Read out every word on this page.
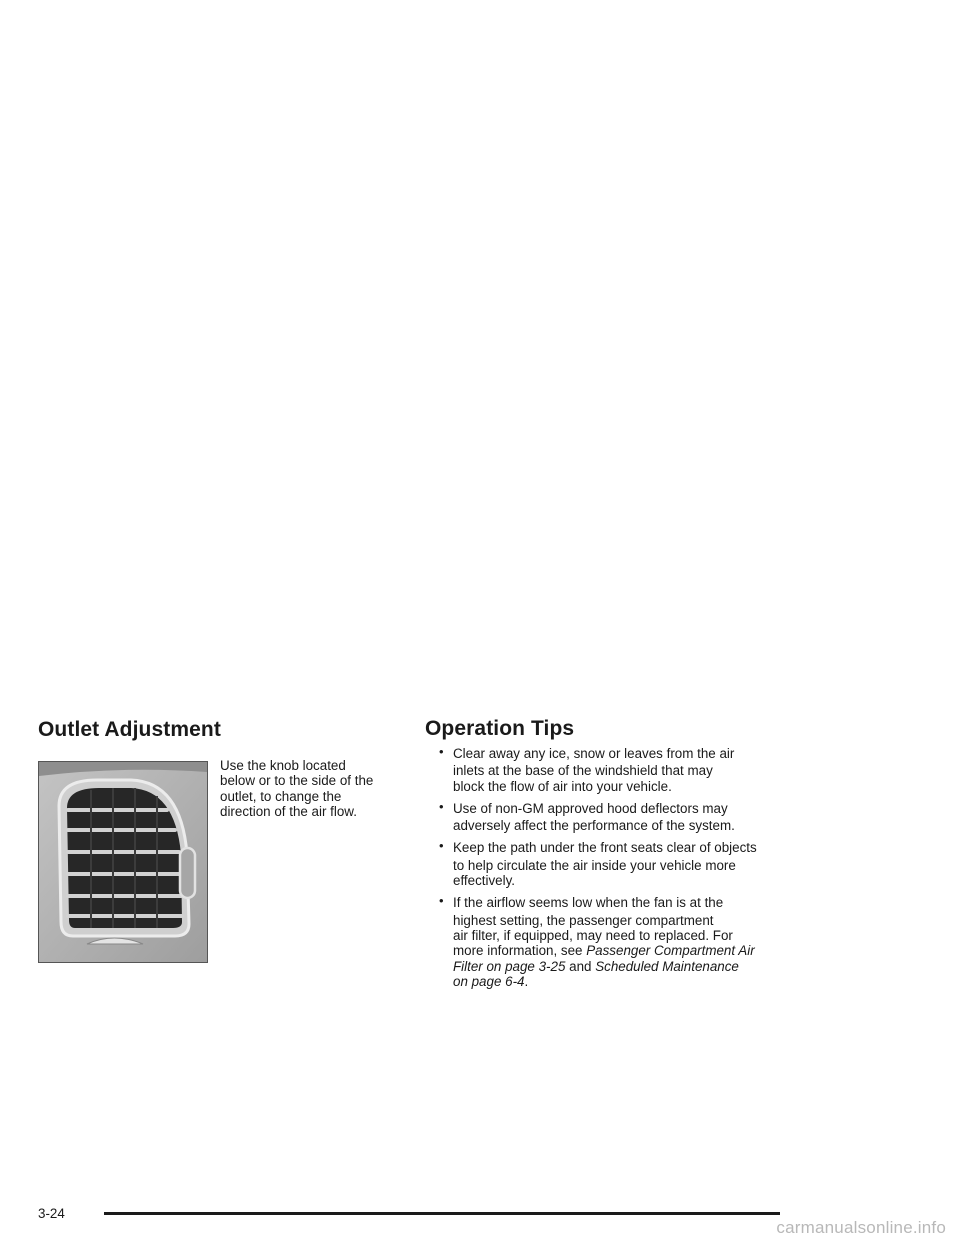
Outlet Adjustment

Use the knob located
below or to the side of the
outlet, to change the
direction of the air flow.

Operation Tips
• Clear away any ice, snow or leaves from the air
inlets at the base of the windshield that may
block the flow of air into your vehicle.
• Use of non-GM approved hood deflectors may
adversely affect the performance of the system.
• Keep the path under the front seats clear of objects
to help circulate the air inside your vehicle more
effectively.
• If the airflow seems low when the fan is at the
highest setting, the passenger compartment
air filter, if equipped, may need to replaced. For
more information, see Passenger Compartment Air
Filter on page 3-25 and Scheduled Maintenance
on page 6-4.
3-24
carmanualsonline.info
